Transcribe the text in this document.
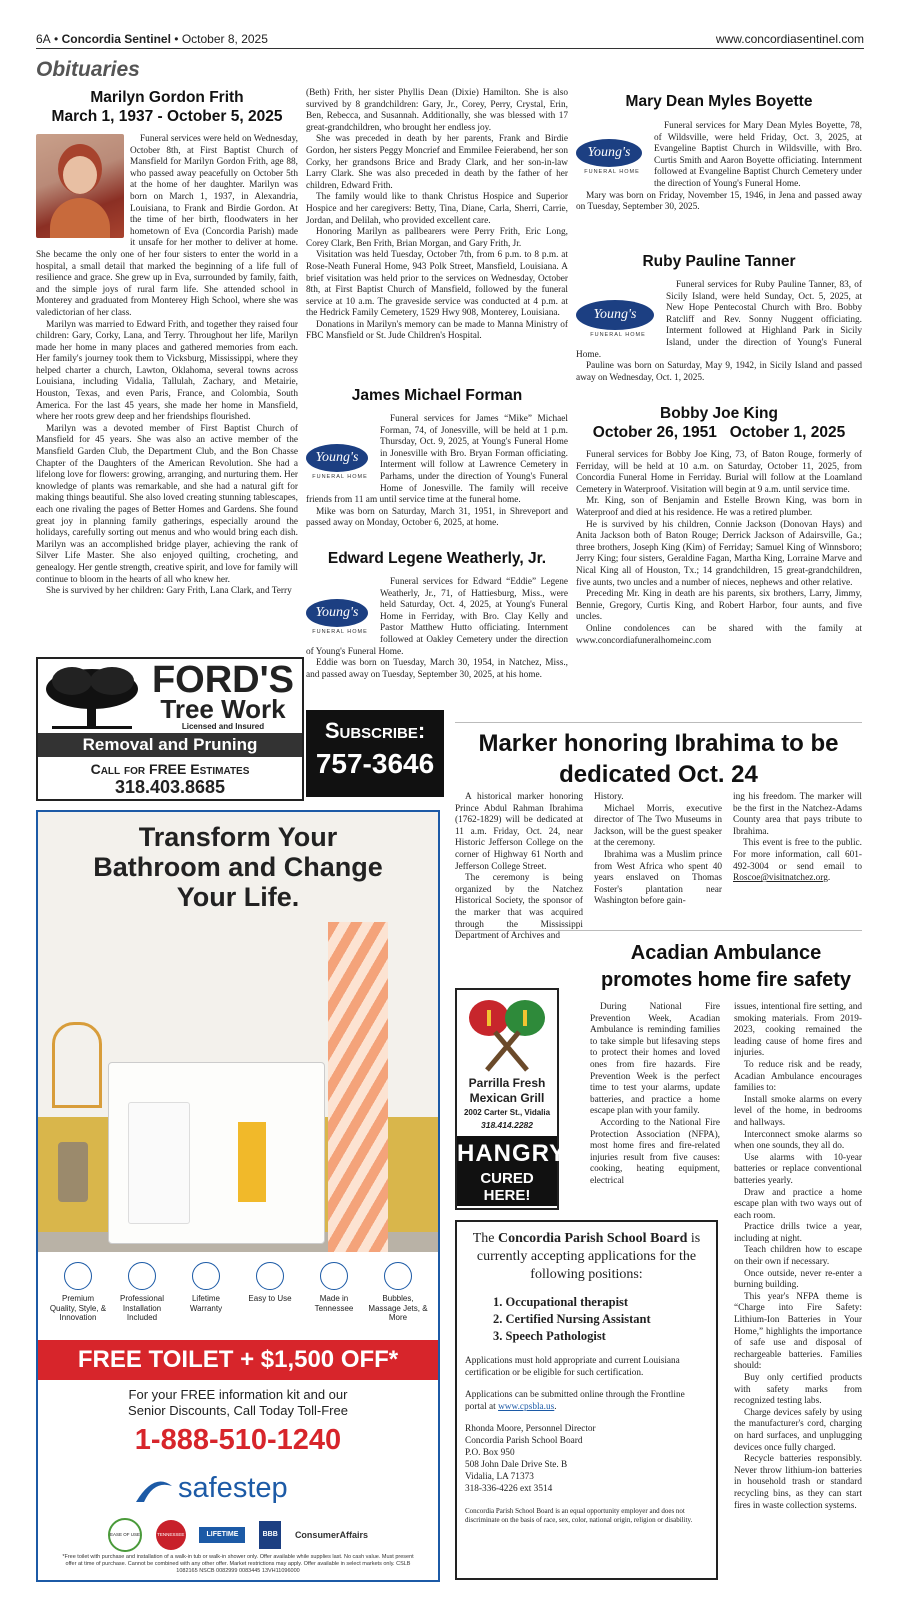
6A • Concordia Sentinel • October 8, 2025	www.concordiasentinel.com
Obituaries
Marilyn Gordon Frith
March 1, 1937 - October 5, 2025

Funeral services were held on Wednesday, October 8th, at First Baptist Church of Mansfield for Marilyn Gordon Frith, age 88, who passed away peacefully on October 5th at the home of her daughter. Marilyn was born on March 1, 1937, in Alexandria, Louisiana, to Frank and Birdie Gordon. At the time of her birth, floodwaters in her hometown of Eva (Concordia Parish) made it unsafe for her mother to deliver at home. She became the only one of her four sisters to enter the world in a hospital, a small detail that marked the beginning of a life full of resilience and grace. She grew up in Eva, surrounded by family, faith, and the simple joys of rural farm life. She attended school in Monterey and graduated from Monterey High School, where she was valedictorian of her class.

Marilyn was married to Edward Frith, and together they raised four children: Gary, Corky, Lana, and Terry. Throughout her life, Marilyn made her home in many places and gathered memories from each. Her family's journey took them to Vicksburg, Mississippi, where they helped charter a church, Lawton, Oklahoma, several towns across Louisiana, including Vidalia, Tallulah, Zachary, and Metairie, Houston, Texas, and even Paris, France, and Colombia, South America. For the last 45 years, she made her home in Mansfield, where her roots grew deep and her friendships flourished.

Marilyn was a devoted member of First Baptist Church of Mansfield for 45 years. She was also an active member of the Mansfield Garden Club, the Department Club, and the Bon Chasse Chapter of the Daughters of the American Revolution. She had a lifelong love for flowers: growing, arranging, and nurturing them. Her knowledge of plants was remarkable, and she had a natural gift for making things beautiful. She also loved creating stunning tablescapes, each one rivaling the pages of Better Homes and Gardens. She found great joy in planning family gatherings, especially around the holidays, carefully sorting out menus and who would bring each dish. Marilyn was an accomplished bridge player, achieving the rank of Silver Life Master. She also enjoyed quilting, crocheting, and genealogy. Her gentle strength, creative spirit, and love for family will continue to bloom in the hearts of all who knew her.

She is survived by her children: Gary Frith, Lana Clark, and Terry

(Beth) Frith, her sister Phyllis Dean (Dixie) Hamilton. She is also survived by 8 grandchildren: Gary, Jr., Corey, Perry, Crystal, Erin, Ben, Rebecca, and Susannah. Additionally, she was blessed with 17 great-grandchildren, who brought her endless joy.

She was preceded in death by her parents, Frank and Birdie Gordon, her sisters Peggy Moncrief and Emmilee Feierabend, her son Corky, her grandsons Brice and Brady Clark, and her son-in-law Larry Clark. She was also preceded in death by the father of her children, Edward Frith.

The family would like to thank Christus Hospice and Superior Hospice and her caregivers: Betty, Tina, Diane, Carla, Sherri, Carrie, Jordan, and Delilah, who provided excellent care.

Honoring Marilyn as pallbearers were Perry Frith, Eric Long, Corey Clark, Ben Frith, Brian Morgan, and Gary Frith, Jr.

Visitation was held Tuesday, October 7th, from 6 p.m. to 8 p.m. at Rose-Neath Funeral Home, 943 Polk Street, Mansfield, Louisiana. A brief visitation was held prior to the services on Wednesday, October 8th, at First Baptist Church of Mansfield, followed by the funeral service at 10 a.m. The graveside service was conducted at 4 p.m. at the Hedrick Family Cemetery, 1529 Hwy 908, Monterey, Louisiana.

Donations in Marilyn's memory can be made to Manna Ministry of FBC Mansfield or St. Jude Children's Hospital.

James Michael Forman
Young's
FUNERAL HOME

Funeral services for James “Mike” Michael Forman, 74, of Jonesville, will be held at 1 p.m. Thursday, Oct. 9, 2025, at Young's Funeral Home in Jonesville with Bro. Bryan Forman officiating. Interment will follow at Lawrence Cemetery in Parhams, under the direction of Young's Funeral Home of Jonesville. The family will receive friends from 11 am until service time at the funeral home.

Mike was born on Saturday, March 31, 1951, in Shreveport and passed away on Monday, October 6, 2025, at home.

Edward Legene Weatherly, Jr.
Young's
FUNERAL HOME

Funeral services for Edward “Eddie” Legene Weatherly, Jr., 71, of Hattiesburg, Miss., were held Saturday, Oct. 4, 2025, at Young's Funeral Home in Ferriday, with Bro. Clay Kelly and Pastor Matthew Hutto officiating. Internment followed at Oakley Cemetery under the direction of Young's Funeral Home.

Eddie was born on Tuesday, March 30, 1954, in Natchez, Miss., and passed away on Tuesday, September 30, 2025, at his home.

Mary Dean Myles Boyette
Young's
FUNERAL HOME

Funeral services for Mary Dean Myles Boyette, 78, of Wildsville, were held Friday, Oct. 3, 2025, at Evangeline Baptist Church in Wildsville, with Bro. Curtis Smith and Aaron Boyette officiating. Internment followed at Evangeline Baptist Church Cemetery under the direction of Young's Funeral Home.

Mary was born on Friday, November 15, 1946, in Jena and passed away on Tuesday, September 30, 2025.

Ruby Pauline Tanner
Young's
FUNERAL HOME

Funeral services for Ruby Pauline Tanner, 83, of Sicily Island, were held Sunday, Oct. 5, 2025, at New Hope Pentecostal Church with Bro. Bobby Ratcliff and Rev. Sonny Nuggent officiating. Interment followed at Highland Park in Sicily Island, under the direction of Young's Funeral Home.

Pauline was born on Saturday, May 9, 1942, in Sicily Island and passed away on Wednesday, Oct. 1, 2025.

Bobby Joe King
October 26, 1951   October 1, 2025

Funeral services for Bobby Joe King, 73, of Baton Rouge, formerly of Ferriday, will be held at 10 a.m. on Saturday, October 11, 2025, from Concordia Funeral Home in Ferriday. Burial will follow at the Loamland Cemetery in Waterproof. Visitation will begin at 9 a.m. until service time.

Mr. King, son of Benjamin and Estelle Brown King, was born in Waterproof and died at his residence. He was a retired plumber.

He is survived by his children, Connie Jackson (Donovan Hays) and Anita Jackson both of Baton Rouge; Derrick Jackson of Adairsville, Ga.; three brothers, Joseph King (Kim) of Ferriday; Samuel King of Winnsboro; Jerry King; four sisters, Geraldine Fagan, Martha King, Lorraine Marve and Nical King all of Houston, Tx.; 14 grandchildren, 15 great-grandchildren, five aunts, two uncles and a number of nieces, nephews and other relative.

Preceding Mr. King in death are his parents, six brothers, Larry, Jimmy, Bennie, Gregory, Curtis King, and Robert Harbor, four aunts, and five uncles.

Online condolences can be shared with the family at www.concordiafuneralhomeinc.com

FORD'S
Tree Work
Licensed and Insured
Removal and Pruning
Call for FREE Estimates
318.403.8685
Subscribe:
757-3646
Marker honoring Ibrahima to be dedicated Oct. 24

A historical marker honoring Prince Abdul Rahman Ibrahima (1762-1829) will be dedicated at 11 a.m. Friday, Oct. 24, near Historic Jefferson College on the corner of Highway 61 North and Jefferson College Street.

The ceremony is being organized by the Natchez Historical Society, the sponsor of the marker that was acquired through the Mississippi Department of Archives and

History.

Michael Morris, executive director of The Two Museums in Jackson, will be the guest speaker at the ceremony.

Ibrahima was a Muslim prince from West Africa who spent 40 years enslaved on Thomas Foster's plantation near Washington before gain-

ing his freedom. The marker will be the first in the Natchez-Adams County area that pays tribute to Ibrahima.

This event is free to the public. For more information, call 601-492-3004 or send email to Roscoe@visitnatchez.org.

Transform Your Bathroom and Change Your Life.
Premium Quality, Style, & Innovation
Professional Installation Included
Lifetime Warranty
Easy to Use	Made in Tennessee
Bubbles, Massage Jets, & More
FREE TOILET + $1,500 OFF*
For your FREE information kit and our Senior Discounts, Call Today Toll-Free
1-888-510-1240
safestep
EASE OF USE	TENNESSEE	LIFETIME	BBB	ConsumerAffairs
*Free toilet with purchase and installation of a walk-in tub or walk-in shower only. Offer available while supplies last. No cash value. Must present offer at time of purchase. Cannot be combined with any other offer. Market restrictions may apply. Offer available in select markets only. CSLB 1082165 NSCB 0082999 0083445 13VH11096000
Acadian Ambulance promotes home fire safety

During National Fire Prevention Week, Acadian Ambulance is reminding families to take simple but lifesaving steps to protect their homes and loved ones from fire hazards. Fire Prevention Week is the perfect time to test your alarms, update batteries, and practice a home escape plan with your family.

According to the National Fire Protection Association (NFPA), most home fires and fire-related injuries result from five causes: cooking, heating equipment, electrical

issues, intentional fire setting, and smoking materials. From 2019-2023, cooking remained the leading cause of home fires and injuries.

To reduce risk and be ready, Acadian Ambulance encourages families to:

Install smoke alarms on every level of the home, in bedrooms and hallways.

Interconnect smoke alarms so when one sounds, they all do.

Use alarms with 10-year batteries or replace conventional batteries yearly.

Draw and practice a home escape plan with two ways out of each room.

Practice drills twice a year, including at night.

Teach children how to escape on their own if necessary.

Once outside, never re-enter a burning building.

This year's NFPA theme is “Charge into Fire Safety: Lithium-Ion Batteries in Your Home,” highlights the importance of safe use and disposal of rechargeable batteries. Families should:

Buy only certified products with safety marks from recognized testing labs.

Charge devices safely by using the manufacturer's cord, charging on hard surfaces, and unplugging devices once fully charged.

Recycle batteries responsibly. Never throw lithium-ion batteries in household trash or standard recycling bins, as they can start fires in waste collection systems.

Parrilla Fresh Mexican Grill
2002 Carter St., Vidalia
318.414.2282
HANGRY
CURED HERE!
The Concordia Parish School Board is currently accepting applications for the following positions:
1. Occupational therapist
2. Certified Nursing Assistant
3. Speech Pathologist
Applications must hold appropriate and current Louisiana certification or be eligible for such certification.
Applications can be submitted online through the Frontline portal at www.cpsbla.us.
Rhonda Moore, Personnel Director
Concordia Parish School Board
P.O. Box 950
508 John Dale Drive Ste. B
Vidalia, LA 71373
318-336-4226 ext 3514
Concordia Parish School Board is an equal opportunity employer and does not discriminate on the basis of race, sex, color, national origin, religion or disability.
